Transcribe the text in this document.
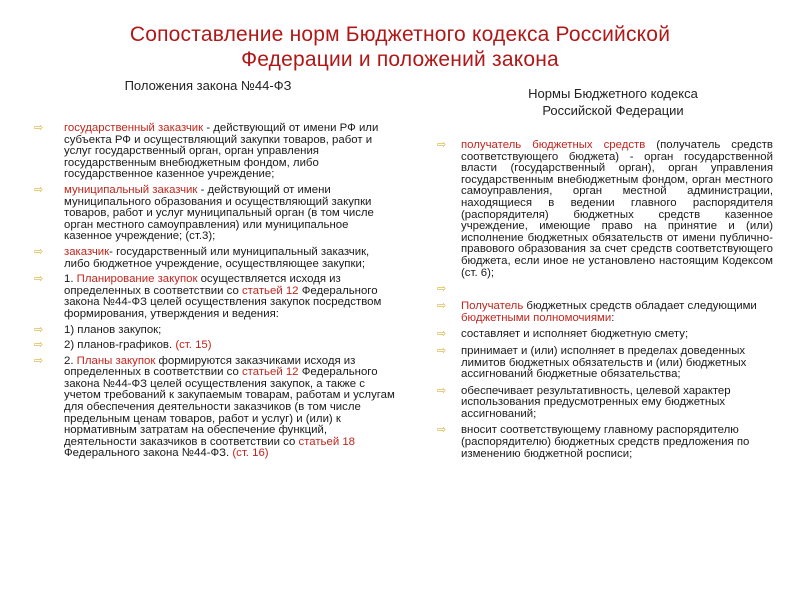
Сопоставление норм Бюджетного кодекса Российской
Федерации и положений закона
Положения закона №44-ФЗ
Нормы Бюджетного кодекса
Российской Федерации
⇨ государственный заказчик - действующий от имени РФ или субъекта РФ и осуществляющий закупки товаров, работ и услуг государственный орган, орган управления государственным внебюджетным фондом, либо государственное казенное учреждение;
⇨ муниципальный заказчик - действующий от имени муниципального образования и осуществляющий закупки товаров, работ и услуг муниципальный орган (в том числе орган местного самоуправления) или муниципальное казенное учреждение; (ст.3);
⇨ заказчик- государственный или муниципальный заказчик, либо бюджетное учреждение, осуществляющее закупки;
⇨ 1. Планирование закупок осуществляется исходя из определенных в соответствии со статьей 12 Федерального закона №44-ФЗ целей осуществления закупок посредством формирования, утверждения и ведения:
⇨ 1) планов закупок;
⇨ 2) планов-графиков. (ст. 15)
⇨ 2. Планы закупок формируются заказчиками исходя из определенных в соответствии со статьей 12 Федерального закона №44-ФЗ целей осуществления закупок, а также с учетом требований к закупаемым товарам, работам и услугам для обеспечения деятельности заказчиков (в том числе предельным ценам товаров, работ и услуг) и (или) к нормативным затратам на обеспечение функций, деятельности заказчиков в соответствии со статьей 18 Федерального закона №44-ФЗ. (ст. 16)
⇨ получатель бюджетных средств (получатель средств соответствующего бюджета) - орган государственной власти (государственный орган), орган управления государственным внебюджетным фондом, орган местного самоуправления, орган местной администрации, находящиеся в ведении главного распорядителя (распорядителя) бюджетных средств казенное учреждение, имеющие право на принятие и (или) исполнение бюджетных обязательств от имени публично-правового образования за счет средств соответствующего бюджета, если иное не установлено настоящим Кодексом (ст. 6);
⇨
⇨ Получатель бюджетных средств обладает следующими бюджетными полномочиями:
⇨ составляет и исполняет бюджетную смету;
⇨ принимает и (или) исполняет в пределах доведенных лимитов бюджетных обязательств и (или) бюджетных ассигнований бюджетные обязательства;
⇨ обеспечивает результативность, целевой характер использования предусмотренных ему бюджетных ассигнований;
⇨ вносит соответствующему главному распорядителю (распорядителю) бюджетных средств предложения по изменению бюджетной росписи;
